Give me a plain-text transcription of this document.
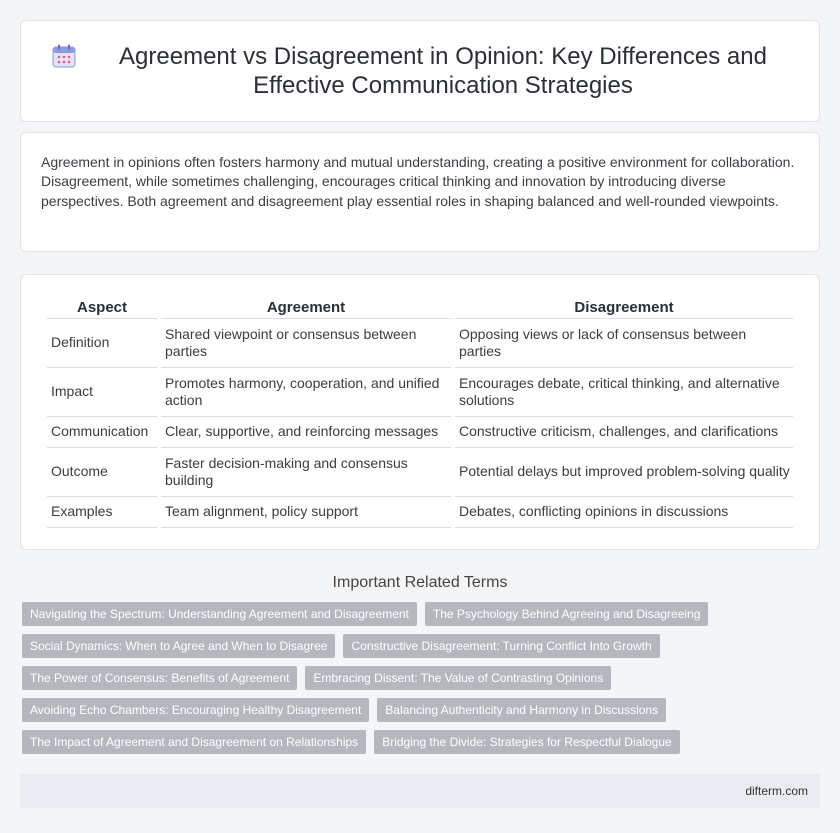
Agreement vs Disagreement in Opinion: Key Differences and Effective Communication Strategies

Agreement in opinions often fosters harmony and mutual understanding, creating a positive environment for collaboration. Disagreement, while sometimes challenging, encourages critical thinking and innovation by introducing diverse perspectives. Both agreement and disagreement play essential roles in shaping balanced and well-rounded viewpoints.

Aspect	Agreement	Disagreement
Definition	Shared viewpoint or consensus between parties	Opposing views or lack of consensus between parties
Impact	Promotes harmony, cooperation, and unified action	Encourages debate, critical thinking, and alternative solutions
Communication	Clear, supportive, and reinforcing messages	Constructive criticism, challenges, and clarifications
Outcome	Faster decision-making and consensus building	Potential delays but improved problem-solving quality
Examples	Team alignment, policy support	Debates, conflicting opinions in discussions
Important Related Terms
Navigating the Spectrum: Understanding Agreement and Disagreement	The Psychology Behind Agreeing and Disagreeing
Social Dynamics: When to Agree and When to Disagree	Constructive Disagreement: Turning Conflict Into Growth
The Power of Consensus: Benefits of Agreement	Embracing Dissent: The Value of Contrasting Opinions
Avoiding Echo Chambers: Encouraging Healthy Disagreement	Balancing Authenticity and Harmony in Discussions
The Impact of Agreement and Disagreement on Relationships	Bridging the Divide: Strategies for Respectful Dialogue
difterm.com
